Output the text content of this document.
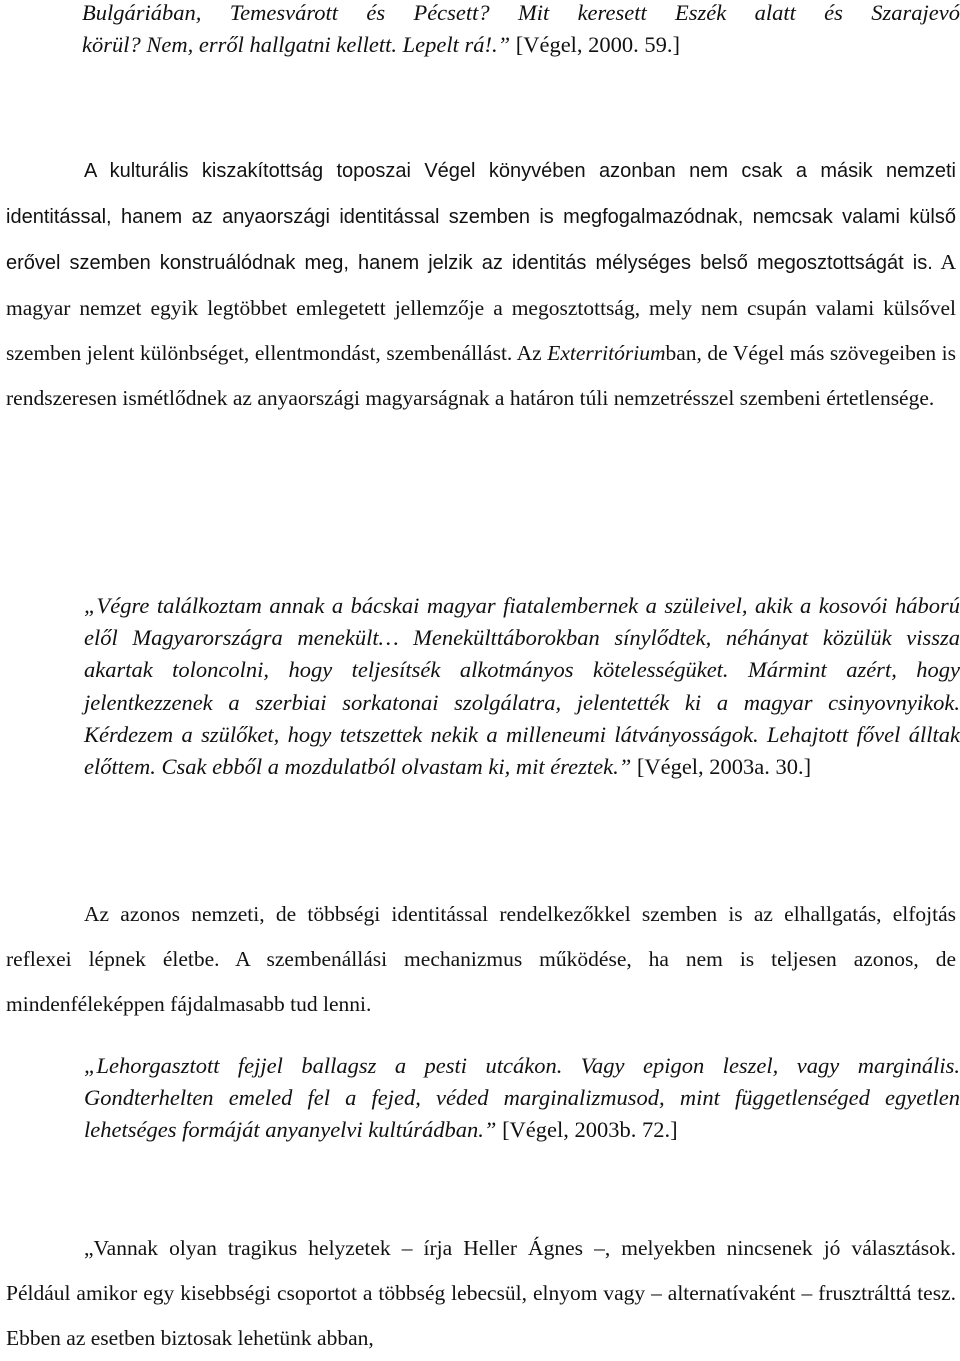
Bulgáriában, Temesvárott és Pécsett? Mit keresett Eszék alatt és Szarajevó
körül? Nem, erről hallgatni kellett. Lepelt rá!.” [Végel, 2000. 59.]

A kulturális kiszakítottság toposzai Végel könyvében azonban nem csak a másik nemzeti identitással, hanem az anyaországi identitással szemben is megfogalmazódnak, nemcsak valami külső erővel szemben konstruálódnak meg, hanem jelzik az identitás mélységes belső megosztottságát is. A magyar nemzet egyik legtöbbet emlegetett jellemzője a megosztottság, mely nem csupán valami külsővel szemben jelent különbséget, ellentmondást, szembenállást. Az Exterritóriumban, de Végel más szövegeiben is rendszeresen ismétlődnek az anyaországi magyarságnak a határon túli nemzetrésszel szembeni értetlensége.

„Végre találkoztam annak a bácskai magyar fiatalembernek a szüleivel, akik a kosovói háború elől Magyarországra menekült… Menekülttáborokban sínylődtek, néhányat közülük vissza akartak toloncolni, hogy teljesítsék alkotmányos kötelességüket. Mármint azért, hogy jelentkezzenek a szerbiai sorkatonai szolgálatra, jelentették ki a magyar csinyovnyikok. Kérdezem a szülőket, hogy tetszettek nekik a milleneumi látványosságok. Lehajtott fővel álltak előttem. Csak ebből a mozdulatból olvastam ki, mit éreztek.” [Végel, 2003a. 30.]

Az azonos nemzeti, de többségi identitással rendelkezőkkel szemben is az elhallgatás, elfojtás reflexei lépnek életbe. A szembenállási mechanizmus működése, ha nem is teljesen azonos, de mindenféleképpen fájdalmasabb tud lenni.

„Lehorgasztott fejjel ballagsz a pesti utcákon. Vagy epigon leszel, vagy marginális. Gondterhelten emeled fel a fejed, véded marginalizmusod, mint függetlenséged egyetlen lehetséges formáját anyanyelvi kultúrádban.” [Végel, 2003b. 72.]

„Vannak olyan tragikus helyzetek – írja Heller Ágnes –, melyekben nincsenek jó választások. Például amikor egy kisebbségi csoportot a többség lebecsül, elnyom vagy – alternatívaként – frusztrálttá tesz. Ebben az esetben biztosak lehetünk abban,
